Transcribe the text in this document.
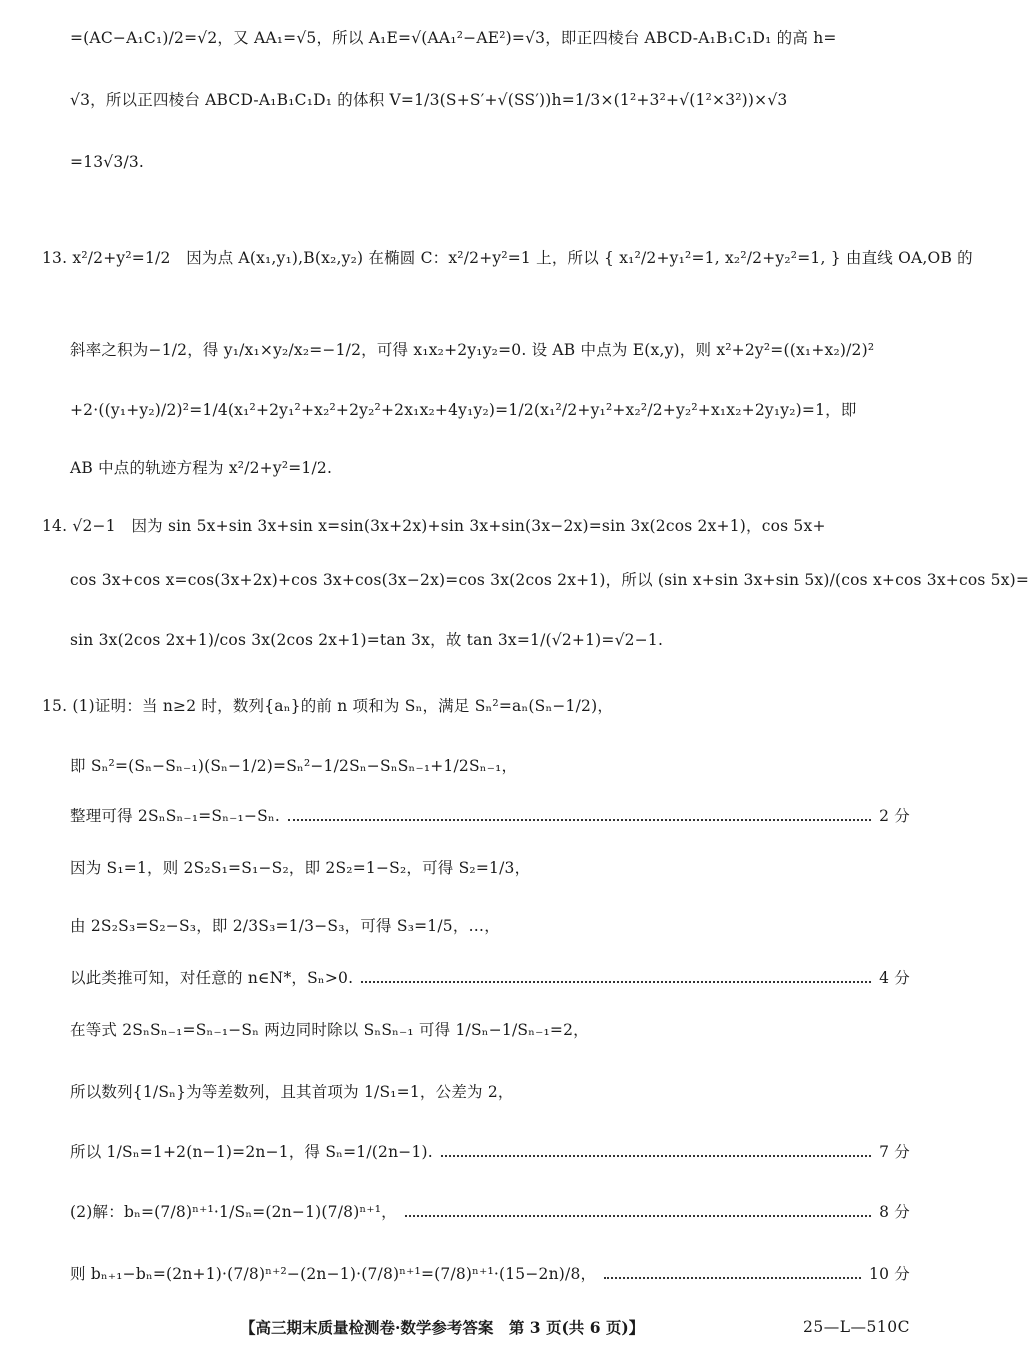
=(AC−A₁C₁)/2=√2，又 AA₁=√5，所以 A₁E=√(AA₁²−AE²)=√3，即正四棱台 ABCD-A₁B₁C₁D₁ 的高 h=
√3，所以正四棱台 ABCD-A₁B₁C₁D₁ 的体积 V=1/3(S+S′+√(SS′))h=1/3×(1²+3²+√(1²×3²))×√3
=13√3/3.
13. x²/2+y²=1/2　因为点 A(x₁,y₁),B(x₂,y₂) 在椭圆 C：x²/2+y²=1 上，所以 { x₁²/2+y₁²=1, x₂²/2+y₂²=1, } 由直线 OA,OB 的
斜率之积为−1/2，得 y₁/x₁×y₂/x₂=−1/2，可得 x₁x₂+2y₁y₂=0. 设 AB 中点为 E(x,y)，则 x²+2y²=((x₁+x₂)/2)²
+2·((y₁+y₂)/2)²=1/4(x₁²+2y₁²+x₂²+2y₂²+2x₁x₂+4y₁y₂)=1/2(x₁²/2+y₁²+x₂²/2+y₂²+x₁x₂+2y₁y₂)=1，即
AB 中点的轨迹方程为 x²/2+y²=1/2.
14. √2−1　因为 sin 5x+sin 3x+sin x=sin(3x+2x)+sin 3x+sin(3x−2x)=sin 3x(2cos 2x+1)，cos 5x+
cos 3x+cos x=cos(3x+2x)+cos 3x+cos(3x−2x)=cos 3x(2cos 2x+1)，所以 (sin x+sin 3x+sin 5x)/(cos x+cos 3x+cos 5x)=
sin 3x(2cos 2x+1)/cos 3x(2cos 2x+1)=tan 3x，故 tan 3x=1/(√2+1)=√2−1.
15. (1)证明：当 n≥2 时，数列{aₙ}的前 n 项和为 Sₙ，满足 Sₙ²=aₙ(Sₙ−1/2)，
即 Sₙ²=(Sₙ−Sₙ₋₁)(Sₙ−1/2)=Sₙ²−1/2Sₙ−SₙSₙ₋₁+1/2Sₙ₋₁，
整理可得 2SₙSₙ₋₁=Sₙ₋₁−Sₙ.	2 分
因为 S₁=1，则 2S₂S₁=S₁−S₂，即 2S₂=1−S₂，可得 S₂=1/3，
由 2S₂S₃=S₂−S₃，即 2/3S₃=1/3−S₃，可得 S₃=1/5，…，
以此类推可知，对任意的 n∈N*，Sₙ>0.	4 分
在等式 2SₙSₙ₋₁=Sₙ₋₁−Sₙ 两边同时除以 SₙSₙ₋₁ 可得 1/Sₙ−1/Sₙ₋₁=2，
所以数列{1/Sₙ}为等差数列，且其首项为 1/S₁=1，公差为 2，
所以 1/Sₙ=1+2(n−1)=2n−1，得 Sₙ=1/(2n−1).	7 分
(2)解：bₙ=(7/8)ⁿ⁺¹·1/Sₙ=(2n−1)(7/8)ⁿ⁺¹，	8 分
则 bₙ₊₁−bₙ=(2n+1)·(7/8)ⁿ⁺²−(2n−1)·(7/8)ⁿ⁺¹=(7/8)ⁿ⁺¹·(15−2n)/8，	10 分
【高三期末质量检测卷·数学参考答案　第 3 页(共 6 页)】	25—L—510C
